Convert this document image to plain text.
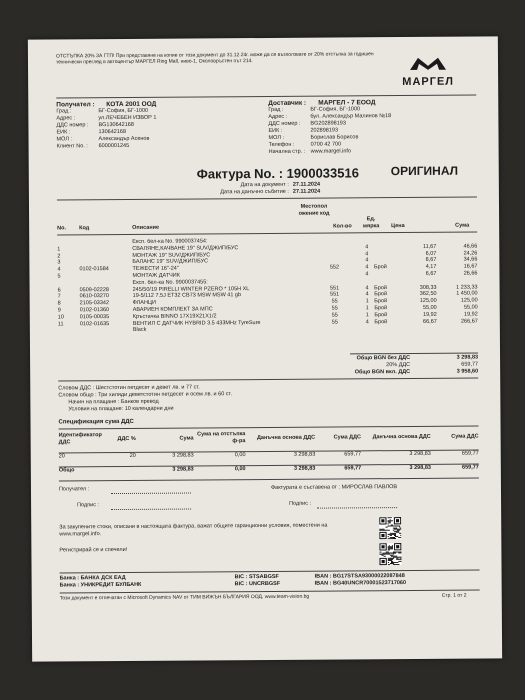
ОТСТЪПКА 20% ЗА ГТП! При представяне на копие от този документ до 31.12.24г. може да се възползвате от 20% отстъпка за годишен технически преглед в автоцентър МАРГЕЛ Ring Mall, ниво-1, Околовръстен път 214.
МАРГЕЛ
Получател :	КОТА 2001 ООД
Град :	БГ-София, БГ-1000
Адрес :	ул.ЛЕЧЕБЕН ИЗВОР 1
ДДС номер :	BG130642168
ЕИК :	130642168
МОЛ :	Александър Асенов
Клиент No. :	6000001245
Доставчик :	МАРГЕЛ - 7 ЕООД
Град :	БГ-София, БГ-1000
Адрес :	бул. Александър Малинов №18
ДДС номер :	BG202898193
ЕИК :	202898193
МОЛ :	Борислав Борисов
Телефон :	0700 42 700
Начална стр. : www.margel.info
Фактура No. : 1900033516	ОРИГИНАЛ
Дата на документ : 27.11.2024
Дата на данъчно събитие : 27.11.2024
No. Код	Описание
Местопол ожение код
Кол-во
Ед. мярка	Цена	Сума
		Експ. бел-ка No. 9900037454:					
1		СВАЛЯНЕ,КАЧВАНЕ 19" SUV/ДЖИП/БУС		4		11,67	46,66
2		МОНТАЖ 19" SUV/ДЖИП/БУС		4		6,07	24,26
3		БАЛАНС 19" SUV/ДЖИП/БУС		4		8,67	34,66
4	0102-01584	ТЕЖЕСТИ 16"-24"	552	4	Брой	4,17	16,67
5		МОНТАЖ ДАТЧИК		4		6,67	26,66
		Експ. бел-ка No. 9900037455:					
6	0509-02228	245/50/19 PIRELLI WINTER PZERO * 105H XL	551	4	Брой	308,33	1 233,33
7	0610-03270	19-5/112 7.5J ET32 CB73 MSW MSW 41 gb	551	4	Брой	362,50	1 450,00
8	2105-03342	ФЛАНЦИ	55	1	Брой	125,00	125,00
9	0102-01360	АВАРИЕН КОМПЛЕКТ ЗА МПС	55	1	Брой	55,00	55,00
10	0105-00035	Кръстачка BINNO 17X19X21X1/2	55	1	Брой	19,92	19,92
11	0102-01635	ВЕНТИЛ С ДАТЧИК HYBRID 3.5 433MHz TyreSure	55	4	Брой	66,67	266,67
		Black					
Общо BGN без ДДС	3 298,83
20% ДДС	659,77
Общо BGN вкл. ДДС	3 958,60
Словом ДДС : Шестстотин петдесет и девет лв. и 77 ст.
Словом общо : Три хиляди деветстотин петдесет и осем лв. и 60 ст.
Начин на плащане : Банков превод
Условия на плащане: 10 календарни дни
Спецификация сума ДДС
Идентификатор ДДС	ДДС %	Сума	Сума на отстъпка
ф-ра	Данъчна основа ДДС	Сума ДДС	Данъчна основа ДДС	Сума ДДС

20	20	3 298,83	0,00	3 298,83	659,77	3 298,83	659,77

Общо		3 298,83	0,00	3 298,83	659,77	3 298,83	659,77
Получател :	Фактурата е съставена от : МИРОСЛАВ ПАВЛОВ
Подпис :	Подпис :
За закупените стоки, описани в настоящата фактура, важат общите гаранционни условия, поместени на www.margel.info.
Регистрирай се и спечели!
Банка : БАНКА ДСК ЕАД	BIC : STSABGSF	IBAN : BG17STSA93000022087848
Банка : УНИКРЕДИТ БУЛБАНК	BIC : UNCRBGSF	IBAN : BG40UNCR70001523717060
Този документ е отпечатан с Microsoft Dynamics NAV от ТИМ ВИЖЪН БЪЛГАРИЯ ООД, www.team-vision.bg	Стр. 1 от 2
